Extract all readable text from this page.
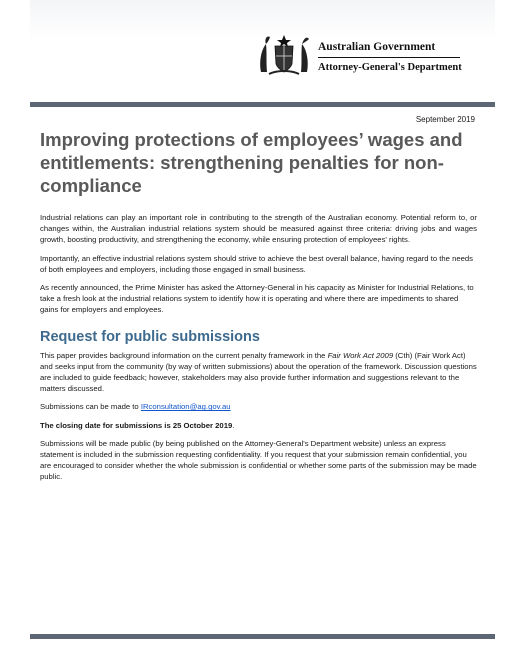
Australian Government
Attorney-General's Department
September 2019
Improving protections of employees’ wages and entitlements: strengthening penalties for non-compliance

Industrial relations can play an important role in contributing to the strength of the Australian economy. Potential reform to, or changes within, the Australian industrial relations system should be measured against three criteria: driving jobs and wages growth, boosting productivity, and strengthening the economy, while ensuring protection of employees' rights.

Importantly, an effective industrial relations system should strive to achieve the best overall balance, having regard to the needs of both employees and employers, including those engaged in small business.

As recently announced, the Prime Minister has asked the Attorney-General in his capacity as Minister for Industrial Relations, to take a fresh look at the industrial relations system to identify how it is operating and where there are impediments to shared gains for employers and employees.

Request for public submissions

This paper provides background information on the current penalty framework in the Fair Work Act 2009 (Cth) (Fair Work Act) and seeks input from the community (by way of written submissions) about the operation of the framework. Discussion questions are included to guide feedback; however, stakeholders may also provide further information and suggestions relevant to the matters discussed.

Submissions can be made to IRconsultation@ag.gov.au

The closing date for submissions is 25 October 2019.

Submissions will be made public (by being published on the Attorney-General's Department website) unless an express statement is included in the submission requesting confidentiality. If you request that your submission remain confidential, you are encouraged to consider whether the whole submission is confidential or whether some parts of the submission may be made public.
